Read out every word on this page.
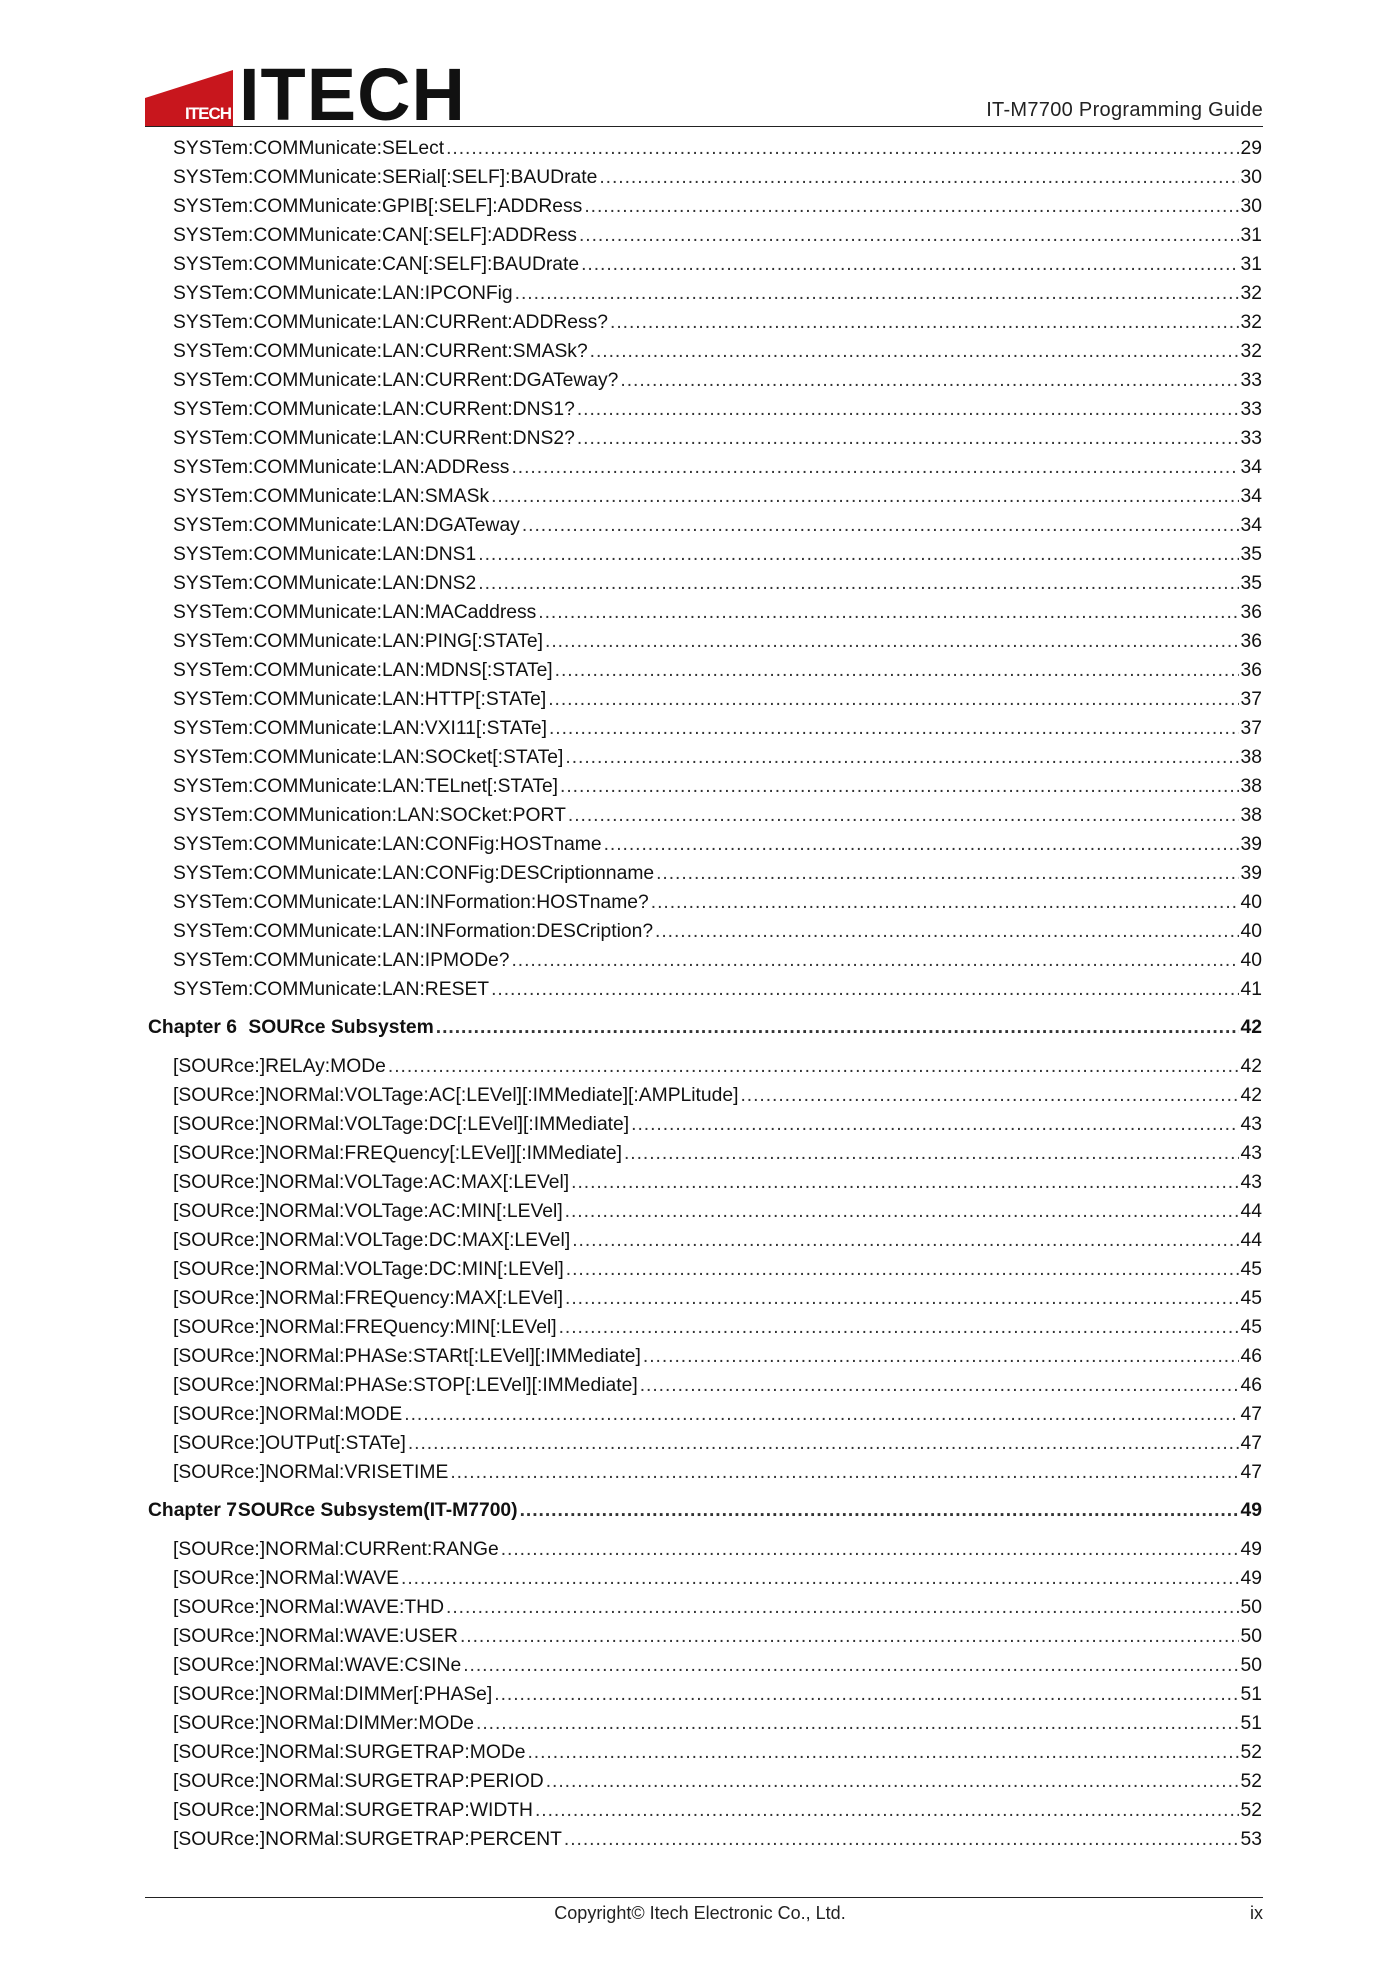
ITECH ITECH	IT-M7700 Programming Guide
SYSTem:COMMunicate:SELect . . .	29
SYSTem:COMMunicate:SERial[:SELF]:BAUDrate . . .	30
SYSTem:COMMunicate:GPIB[:SELF]:ADDRess . . .	30
SYSTem:COMMunicate:CAN[:SELF]:ADDRess . . .	31
SYSTem:COMMunicate:CAN[:SELF]:BAUDrate . . .	31
SYSTem:COMMunicate:LAN:IPCONFig . . .	32
SYSTem:COMMunicate:LAN:CURRent:ADDRess? . . .	32
SYSTem:COMMunicate:LAN:CURRent:SMASk? . . .	32
SYSTem:COMMunicate:LAN:CURRent:DGATeway? . . .	33
SYSTem:COMMunicate:LAN:CURRent:DNS1? . . .	33
SYSTem:COMMunicate:LAN:CURRent:DNS2? . . .	33
SYSTem:COMMunicate:LAN:ADDRess . . .	34
SYSTem:COMMunicate:LAN:SMASk . . .	34
SYSTem:COMMunicate:LAN:DGATeway . . .	34
SYSTem:COMMunicate:LAN:DNS1 . . .	35
SYSTem:COMMunicate:LAN:DNS2 . . .	35
SYSTem:COMMunicate:LAN:MACaddress . . .	36
SYSTem:COMMunicate:LAN:PING[:STATe] . . .	36
SYSTem:COMMunicate:LAN:MDNS[:STATe] . . .	36
SYSTem:COMMunicate:LAN:HTTP[:STATe] . . .	37
SYSTem:COMMunicate:LAN:VXI11[:STATe] . . .	37
SYSTem:COMMunicate:LAN:SOCket[:STATe] . . .	38
SYSTem:COMMunicate:LAN:TELnet[:STATe] . . .	38
SYSTem:COMMunication:LAN:SOCket:PORT . . .	38
SYSTem:COMMunicate:LAN:CONFig:HOSTname . . .	39
SYSTem:COMMunicate:LAN:CONFig:DESCriptionname . . .	39
SYSTem:COMMunicate:LAN:INFormation:HOSTname? . . .	40
SYSTem:COMMunicate:LAN:INFormation:DESCription? . . .	40
SYSTem:COMMunicate:LAN:IPMODe? . . .	40
SYSTem:COMMunicate:LAN:RESET . . .	41
Chapter 6 SOURce Subsystem . . .	42
[SOURce:]RELAy:MODe . . .	42
[SOURce:]NORMal:VOLTage:AC[:LEVel][:IMMediate][:AMPLitude] . . .	42
[SOURce:]NORMal:VOLTage:DC[:LEVel][:IMMediate] . . .	43
[SOURce:]NORMal:FREQuency[:LEVel][:IMMediate] . . .	43
[SOURce:]NORMal:VOLTage:AC:MAX[:LEVel] . . .	43
[SOURce:]NORMal:VOLTage:AC:MIN[:LEVel] . . .	44
[SOURce:]NORMal:VOLTage:DC:MAX[:LEVel] . . .	44
[SOURce:]NORMal:VOLTage:DC:MIN[:LEVel] . . .	45
[SOURce:]NORMal:FREQuency:MAX[:LEVel] . . .	45
[SOURce:]NORMal:FREQuency:MIN[:LEVel] . . .	45
[SOURce:]NORMal:PHASe:STARt[:LEVel][:IMMediate] . . .	46
[SOURce:]NORMal:PHASe:STOP[:LEVel][:IMMediate] . . .	46
[SOURce:]NORMal:MODE . . .	47
[SOURce:]OUTPut[:STATe] . . .	47
[SOURce:]NORMal:VRISETIME . . .	47
Chapter 7 SOURce Subsystem(IT-M7700) . . .	49
[SOURce:]NORMal:CURRent:RANGe . . .	49
[SOURce:]NORMal:WAVE . . .	49
[SOURce:]NORMal:WAVE:THD . . .	50
[SOURce:]NORMal:WAVE:USER . . .	50
[SOURce:]NORMal:WAVE:CSINe . . .	50
[SOURce:]NORMal:DIMMer[:PHASe] . . .	51
[SOURce:]NORMal:DIMMer:MODe . . .	51
[SOURce:]NORMal:SURGETRAP:MODe . . .	52
[SOURce:]NORMal:SURGETRAP:PERIOD . . .	52
[SOURce:]NORMal:SURGETRAP:WIDTH . . .	52
[SOURce:]NORMal:SURGETRAP:PERCENT . . .	53
Copyright© Itech Electronic Co., Ltd.	ix
